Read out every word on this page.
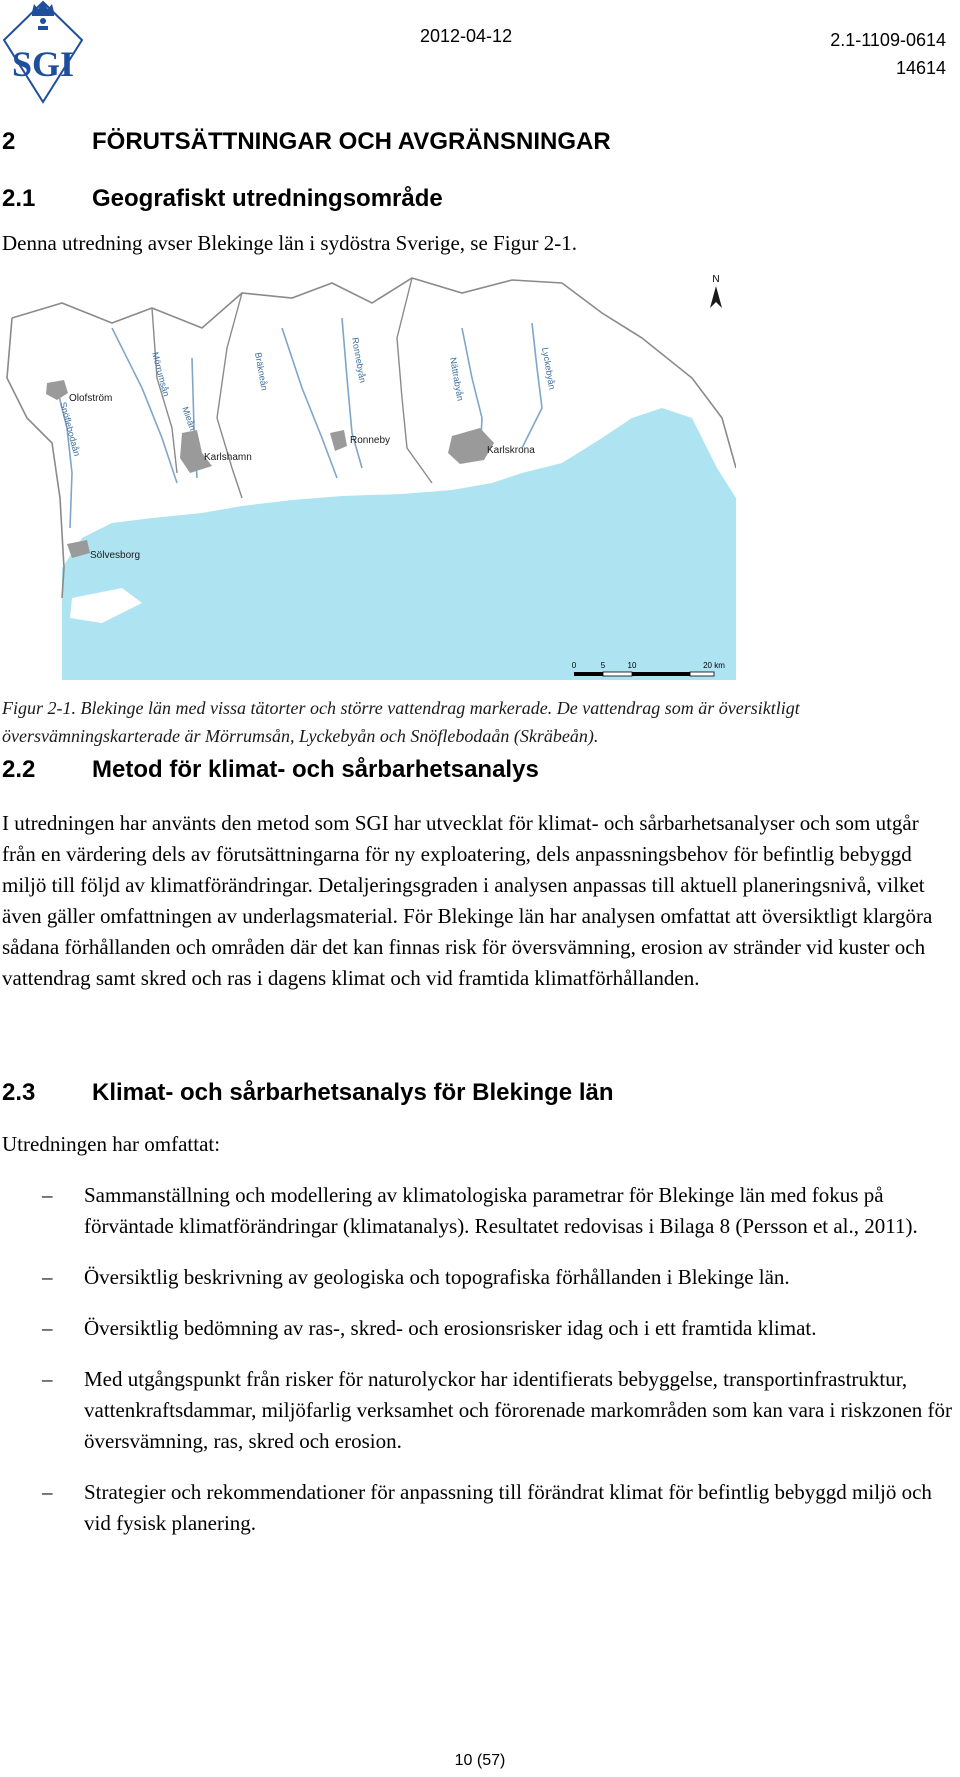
SGI
2012-04-12	2.1-1109-0614
14614
2	FÖRUTSÄTTNINGAR OCH AVGRÄNSNINGAR
2.1 Geografiskt utredningsområde
Denna utredning avser Blekinge län i sydöstra Sverige, se Figur 2-1.
Olofström
Karlshamn
Ronneby
Karlskrona
Sölvesborg
Snöflebodaån
Mörrumsån
Mieån
Bräkneån	Ronnebyån	Nättrabyån	Lyckebyån
N
0	5	10	20 km
Figur 2-1. Blekinge län med vissa tätorter och större vattendrag markerade. De vattendrag som är översiktligt översvämningskarterade är Mörrumsån, Lyckebyån och Snöflebodaån (Skräbeån).
2.2 Metod för klimat- och sårbarhetsanalys
I utredningen har använts den metod som SGI har utvecklat för klimat- och sårbarhetsanalyser och som utgår från en värdering dels av förutsättningarna för ny exploatering, dels anpassningsbehov för befintlig bebyggd miljö till följd av klimatförändringar. Detaljeringsgraden i analysen anpassas till aktuell planeringsnivå, vilket även gäller omfattningen av underlagsmaterial. För Blekinge län har analysen omfattat att översiktligt klargöra sådana förhållanden och områden där det kan finnas risk för översvämning, erosion av stränder vid kuster och vattendrag samt skred och ras i dagens klimat och vid framtida klimatförhållanden.
2.3 Klimat- och sårbarhetsanalys för Blekinge län
Utredningen har omfattat:
– Sammanställning och modellering av klimatologiska parametrar för Blekinge län med fokus på förväntade klimatförändringar (klimatanalys). Resultatet redovisas i Bilaga 8 (Persson et al., 2011).
– Översiktlig beskrivning av geologiska och topografiska förhållanden i Blekinge län.
– Översiktlig bedömning av ras-, skred- och erosionsrisker idag och i ett framtida klimat.
– Med utgångspunkt från risker för naturolyckor har identifierats bebyggelse, transportinfrastruktur, vattenkraftsdammar, miljöfarlig verksamhet och förorenade markområden som kan vara i riskzonen för översvämning, ras, skred och erosion.
– Strategier och rekommendationer för anpassning till förändrat klimat för befintlig bebyggd miljö och vid fysisk planering.
10 (57)
